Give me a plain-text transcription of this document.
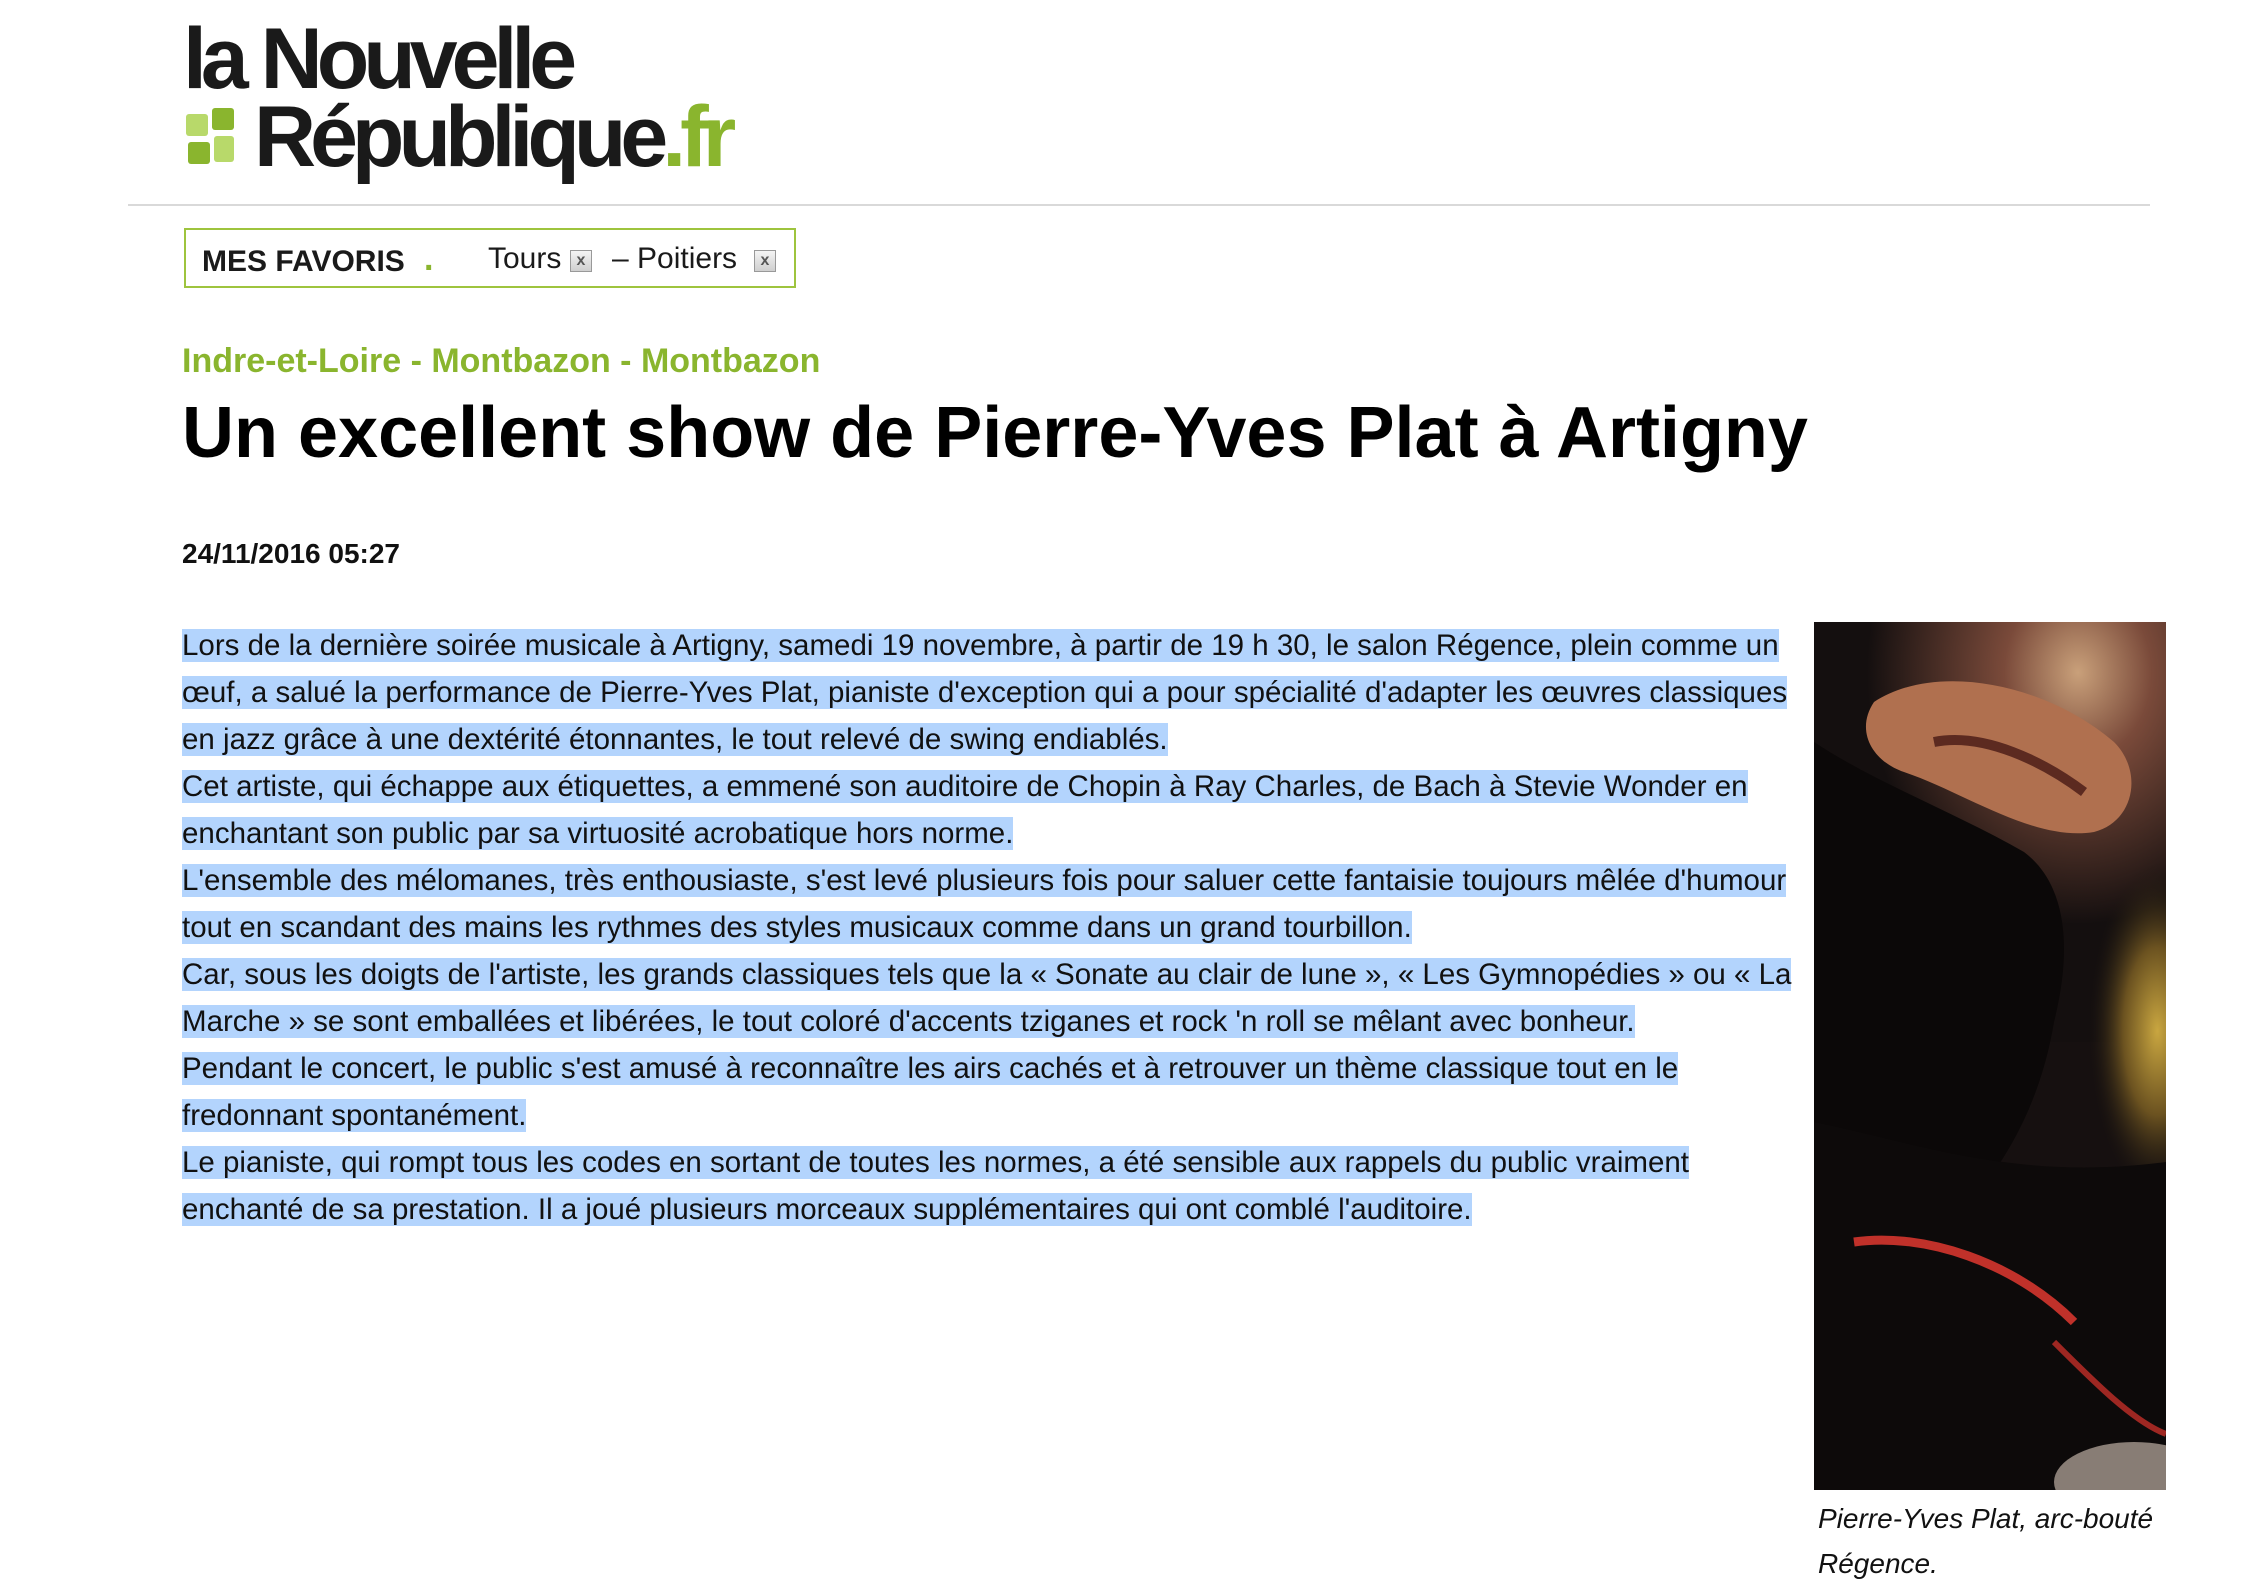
la Nouvelle
République.fr
MES FAVORIS . Tours x – Poitiers	x
Indre-et-Loire - Montbazon - Montbazon
Un excellent show de Pierre-Yves Plat à Artigny
24/11/2016 05:27

Lors de la dernière soirée musicale à Artigny, samedi 19 novembre, à partir de 19 h 30, le salon Régence, plein comme un œuf, a salué la performance de Pierre-Yves Plat, pianiste d'exception qui a pour spécialité d'adapter les œuvres classiques en jazz grâce à une dextérité étonnantes, le tout relevé de swing endiablés.

Cet artiste, qui échappe aux étiquettes, a emmené son auditoire de Chopin à Ray Charles, de Bach à Stevie Wonder en enchantant son public par sa virtuosité acrobatique hors norme.

L'ensemble des mélomanes, très enthousiaste, s'est levé plusieurs fois pour saluer cette fantaisie toujours mêlée d'humour tout en scandant des mains les rythmes des styles musicaux comme dans un grand tourbillon.

Car, sous les doigts de l'artiste, les grands classiques tels que la « Sonate au clair de lune », « Les Gymnopédies » ou « La Marche » se sont emballées et libérées, le tout coloré d'accents tziganes et rock 'n roll se mêlant avec bonheur.

Pendant le concert, le public s'est amusé à reconnaître les airs cachés et à retrouver un thème classique tout en le fredonnant spontanément.

Le pianiste, qui rompt tous les codes en sortant de toutes les normes, a été sensible aux rappels du public vraiment enchanté de sa prestation. Il a joué plusieurs morceaux supplémentaires qui ont comblé l'auditoire.

Pierre-Yves Plat, arc-bouté
Régence.
